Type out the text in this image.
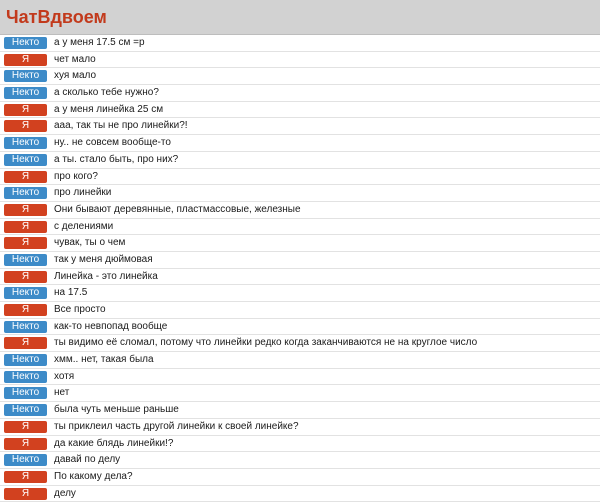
ЧатВдвоем
Некто	а у меня 17.5 см =р
Я	чет мало
Некто	хуя мало
Некто	а сколько тебе нужно?
Я	а у меня линейка 25 см
Я	ааа, так ты не про линейки?!
Некто	ну.. не совсем вообще-то
Некто	а ты. стало быть, про них?
Я	про кого?
Некто	про линейки
Я	Они бывают деревянные, пластмассовые, железные
Я	с делениями
Я	чувак, ты о чем
Некто	так у меня дюймовая
Я	Линейка - это линейка
Некто	на 17.5
Я	Все просто
Некто	как-то невпопад вообще
Я	ты видимо её сломал, потому что линейки редко когда заканчиваются не на круглое число
Некто	хмм.. нет, такая была
Некто	хотя
Некто	нет
Некто	была чуть меньше раньше
Я	ты приклеил часть другой линейки к своей линейке?
Я	да какие блядь линейки!?
Некто	давай по делу
Я	По какому дела?
Я	делу
